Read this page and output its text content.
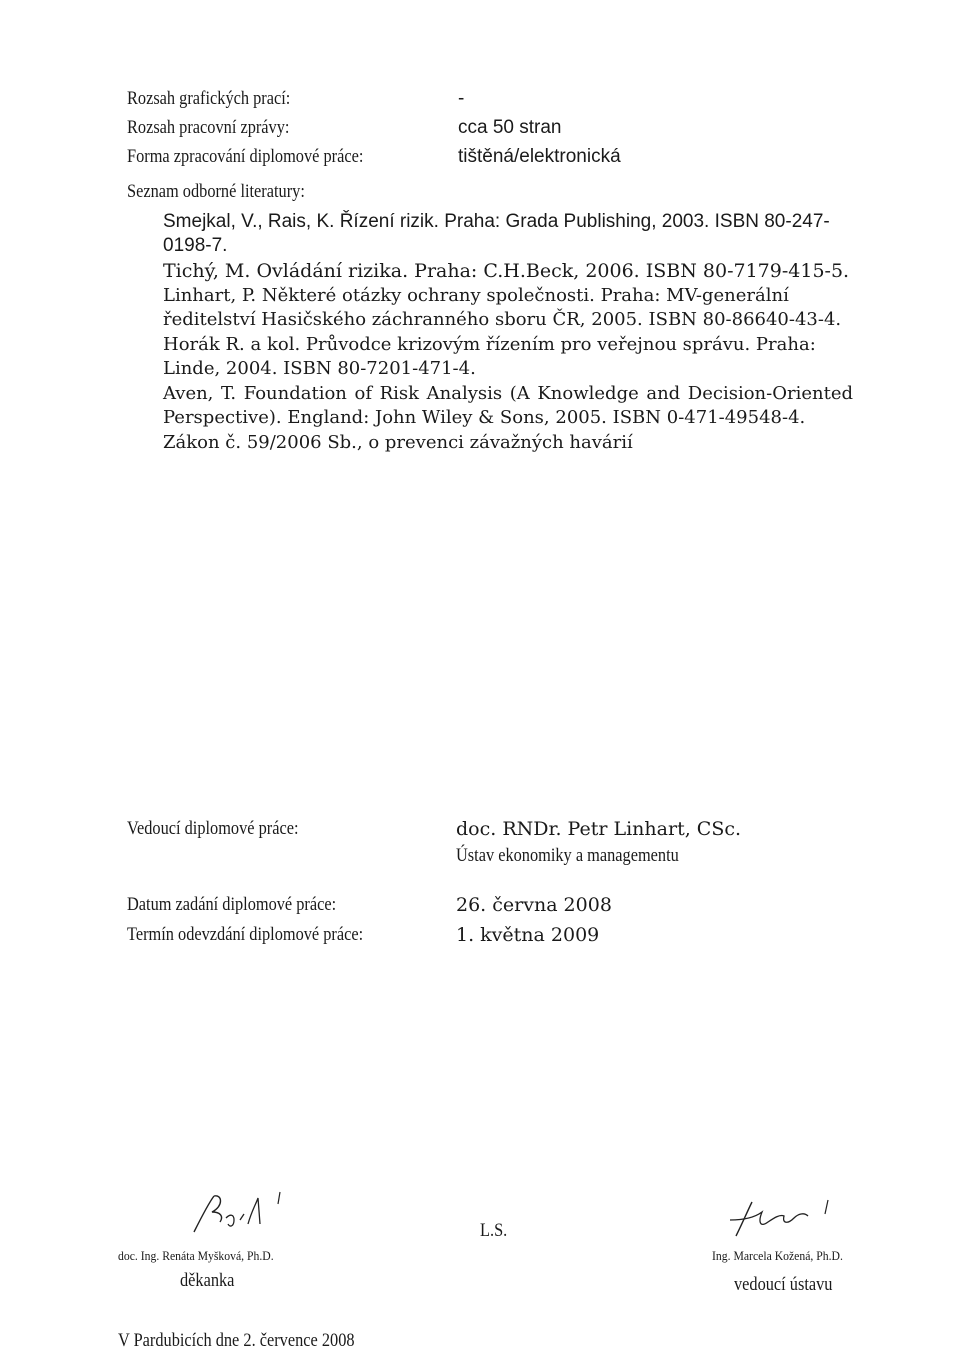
Rozsah grafických prací:	-
Rozsah pracovní zprávy:	cca 50 stran
Forma zpracování diplomové práce:	tištěná/elektronická
Seznam odborné literatury:

Smejkal, V., Rais, K. Řízení rizik. Praha: Grada Publishing, 2003. ISBN 80-247-0198-7.

Tichý, M. Ovládání rizika. Praha: C.H.Beck, 2006. ISBN 80-7179-415-5.

Linhart, P. Některé otázky ochrany společnosti. Praha: MV-generální ředitelství Hasičského záchranného sboru ČR, 2005. ISBN 80-86640-43-4.

Horák R. a kol. Průvodce krizovým řízením pro veřejnou správu. Praha: Linde, 2004. ISBN 80-7201-471-4.

Aven, T. Foundation of Risk Analysis (A Knowledge and Decision-Oriented Perspective). England: John Wiley & Sons, 2005. ISBN 0-471-49548-4.

Zákon č. 59/2006 Sb., o prevenci závažných havárií

Vedoucí diplomové práce:	doc. RNDr. Petr Linhart, CSc.
Ústav ekonomiky a managementu
Datum zadání diplomové práce:	26. června 2008
Termín odevzdání diplomové práce:	1. května 2009
doc. Ing. Renáta Myšková, Ph.D.
děkanka
L.S.
Ing. Marcela Kožená, Ph.D.
vedoucí ústavu
V Pardubicích dne 2. července 2008
